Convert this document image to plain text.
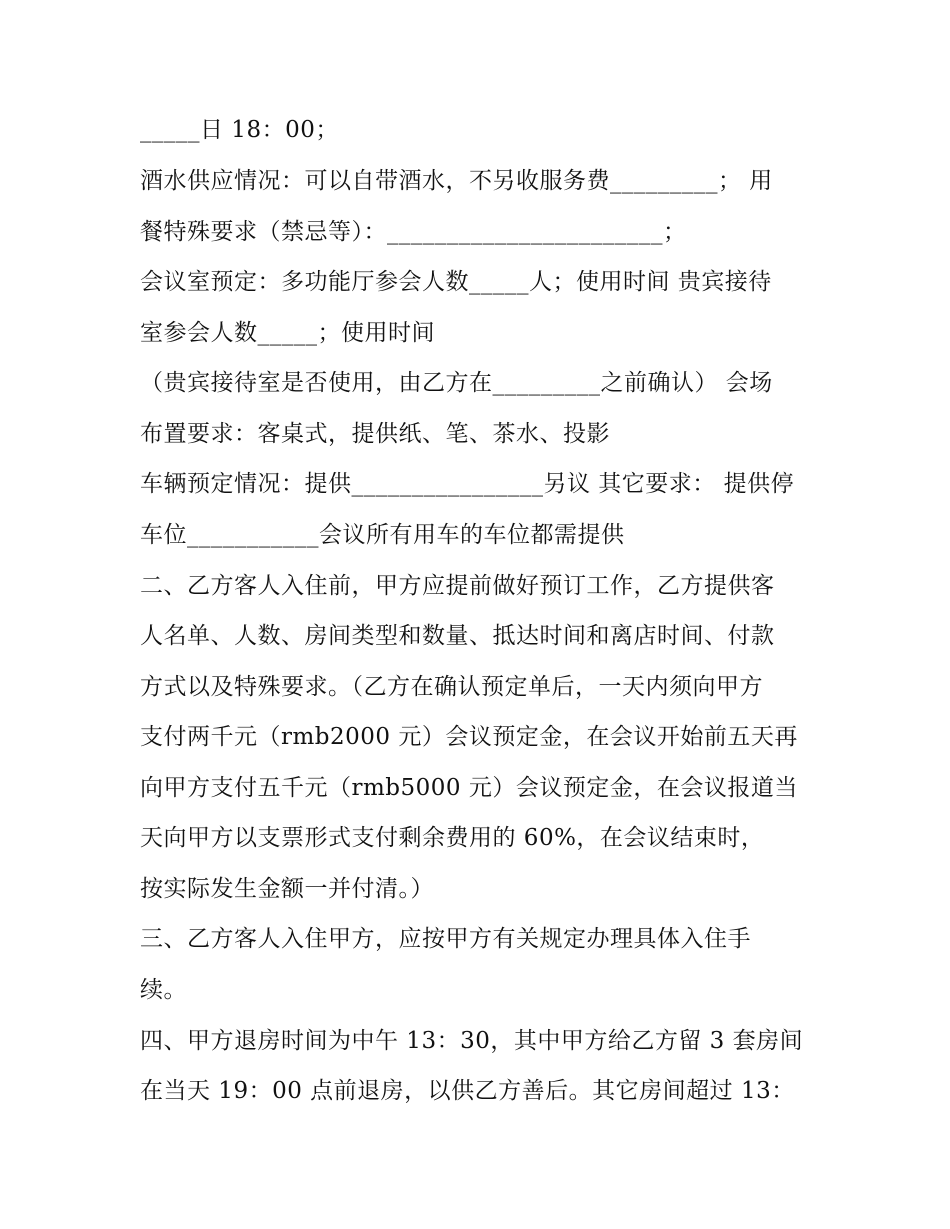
_____日 18：00；
酒水供应情况：可以自带酒水，不另收服务费_________； 用
餐特殊要求（禁忌等）：_______________________；
会议室预定：多功能厅参会人数_____人；使用时间 贵宾接待
室参会人数_____；使用时间
（贵宾接待室是否使用，由乙方在_________之前确认） 会场
布置要求：客桌式，提供纸、笔、茶水、投影
车辆预定情况：提供________________另议 其它要求： 提供停
车位___________会议所有用车的车位都需提供
二、乙方客人入住前，甲方应提前做好预订工作，乙方提供客
人名单、人数、房间类型和数量、抵达时间和离店时间、付款
方式以及特殊要求。（乙方在确认预定单后，一天内须向甲方
支付两千元（rmb2000 元）会议预定金，在会议开始前五天再
向甲方支付五千元（rmb5000 元）会议预定金，在会议报道当
天向甲方以支票形式支付剩余费用的 60%，在会议结束时，
按实际发生金额一并付清。）
三、乙方客人入住甲方，应按甲方有关规定办理具体入住手
续。
四、甲方退房时间为中午 13：30，其中甲方给乙方留 3 套房间
在当天 19：00 点前退房，以供乙方善后。其它房间超过 13：
